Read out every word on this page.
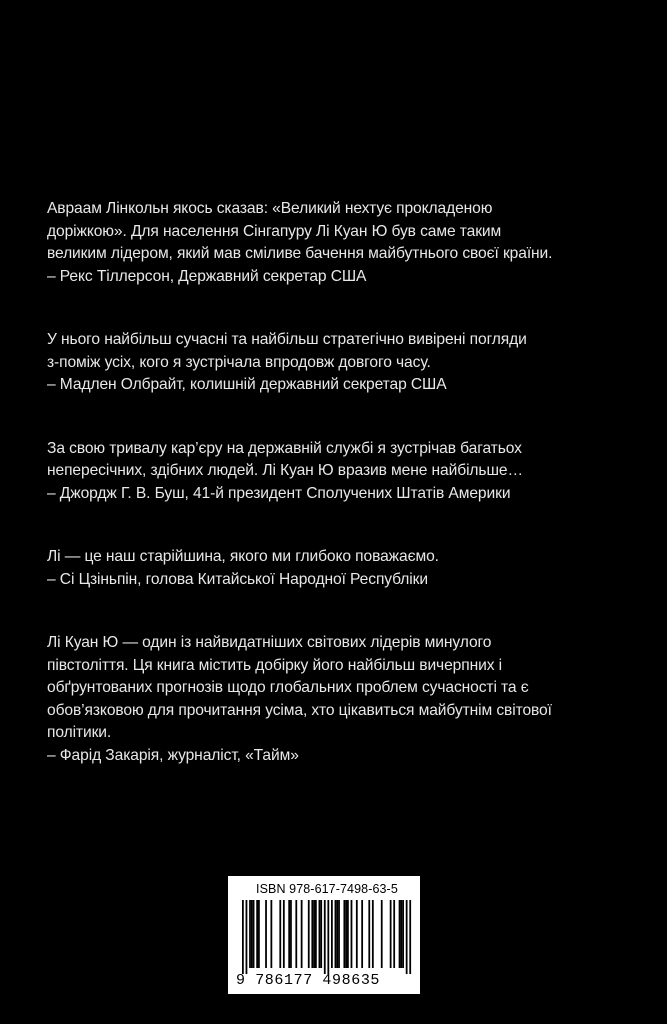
Авраам Лінкольн якось сказав: «Великий нехтує прокладеною
доріжкою». Для населення Сінгапуру Лі Куан Ю був саме таким
великим лідером, який мав сміливе бачення майбутнього своєї країни.
– Рекс Тіллерсон, Державний секретар США
У нього найбільш сучасні та найбільш стратегічно вивірені погляди
з-поміж усіх, кого я зустрічала впродовж довгого часу.
– Мадлен Олбрайт, колишній державний секретар США
За свою тривалу кар’єру на державній службі я зустрічав багатьох
непересічних, здібних людей. Лі Куан Ю вразив мене найбільше…
– Джордж Г. В. Буш, 41-й президент Сполучених Штатів Америки
Лі — це наш старійшина, якого ми глибоко поважаємо.
– Сі Цзіньпін, голова Китайської Народної Республіки
Лі Куан Ю — один із найвидатніших світових лідерів минулого
півстоліття. Ця книга містить добірку його найбільш вичерпних і
обґрунтованих прогнозів щодо глобальних проблем сучасності та є
обов’язковою для прочитання усіма, хто цікавиться майбутнім світової
політики.
– Фарід Закарія, журналіст, «Тайм»
ISBN 978-617-7498-63-5
9 786177 498635
